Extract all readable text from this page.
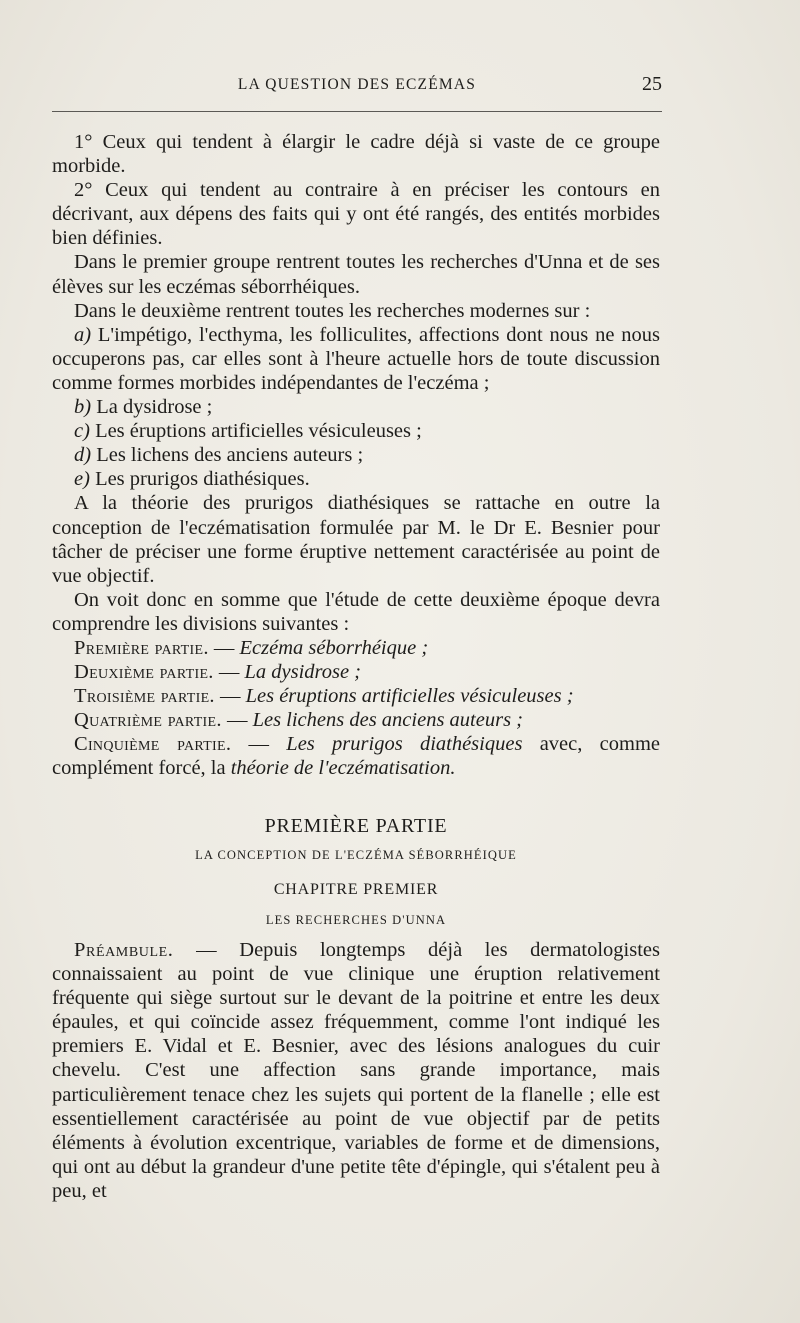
LA QUESTION DES ECZÉMAS	25

1° Ceux qui tendent à élargir le cadre déjà si vaste de ce groupe morbide.

2° Ceux qui tendent au contraire à en préciser les contours en décrivant, aux dépens des faits qui y ont été rangés, des entités morbides bien définies.

Dans le premier groupe rentrent toutes les recherches d'Unna et de ses élèves sur les eczémas séborrhéiques.

Dans le deuxième rentrent toutes les recherches modernes sur :

a) L'impétigo, l'ecthyma, les folliculites, affections dont nous ne nous occuperons pas, car elles sont à l'heure actuelle hors de toute discussion comme formes morbides indépendantes de l'eczéma ;

b) La dysidrose ;

c) Les éruptions artificielles vésiculeuses ;

d) Les lichens des anciens auteurs ;

e) Les prurigos diathésiques.

A la théorie des prurigos diathésiques se rattache en outre la conception de l'eczématisation formulée par M. le Dr E. Besnier pour tâcher de préciser une forme éruptive nettement caractérisée au point de vue objectif.

On voit donc en somme que l'étude de cette deuxième époque devra comprendre les divisions suivantes :

Première partie. — Eczéma séborrhéique ;

Deuxième partie. — La dysidrose ;

Troisième partie. — Les éruptions artificielles vésiculeuses ;

Quatrième partie. — Les lichens des anciens auteurs ;

Cinquième partie. — Les prurigos diathésiques avec, comme complément forcé, la théorie de l'eczématisation.

PREMIÈRE PARTIE
LA CONCEPTION DE L'ECZÉMA SÉBORRHÉIQUE
CHAPITRE PREMIER
LES RECHERCHES D'UNNA

Préambule. — Depuis longtemps déjà les dermatologistes connaissaient au point de vue clinique une éruption relativement fréquente qui siège surtout sur le devant de la poitrine et entre les deux épaules, et qui coïncide assez fréquemment, comme l'ont indiqué les premiers E. Vidal et E. Besnier, avec des lésions analogues du cuir chevelu. C'est une affection sans grande importance, mais particulièrement tenace chez les sujets qui portent de la flanelle ; elle est essentiellement caractérisée au point de vue objectif par de petits éléments à évolution excentrique, variables de forme et de dimensions, qui ont au début la grandeur d'une petite tête d'épingle, qui s'étalent peu à peu, et
